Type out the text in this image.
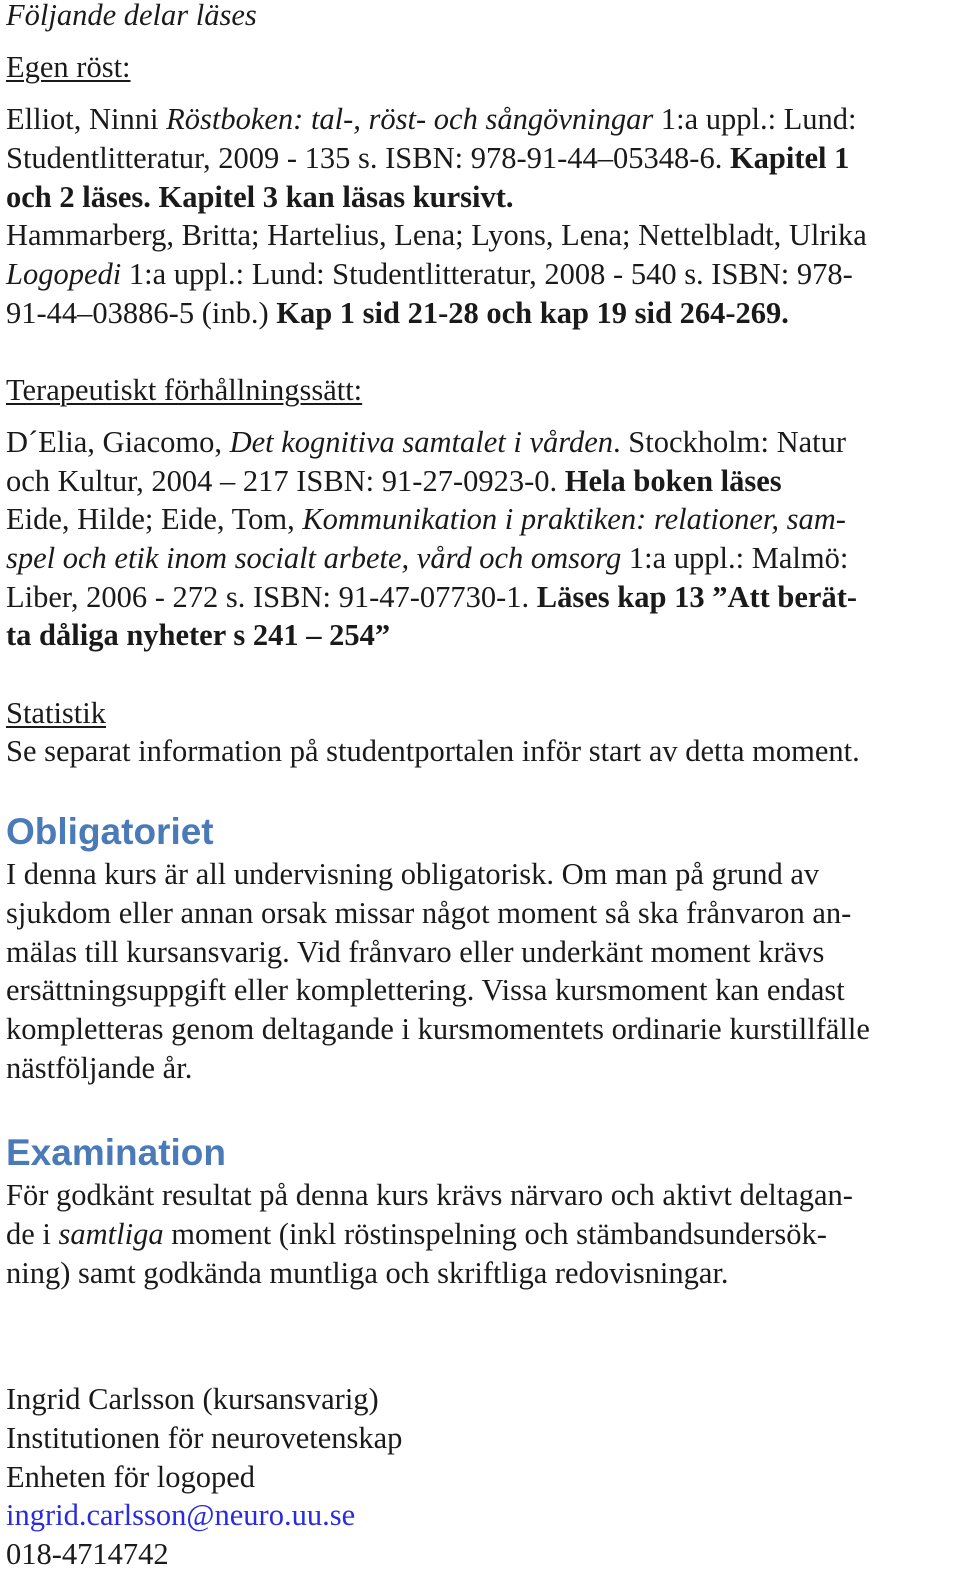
Följande delar läses
Egen röst:
Elliot, Ninni Röstboken: tal-, röst- och sångövningar 1:a uppl.: Lund:
Studentlitteratur, 2009 - 135 s. ISBN: 978-91-44–05348-6. Kapitel 1
och 2 läses. Kapitel 3 kan läsas kursivt.
Hammarberg, Britta; Hartelius, Lena; Lyons, Lena; Nettelbladt, Ulrika
Logopedi 1:a uppl.: Lund: Studentlitteratur, 2008 - 540 s. ISBN: 978-
91-44–03886-5 (inb.) Kap 1 sid 21-28 och kap 19 sid 264-269.
Terapeutiskt förhållningssätt:
D´Elia, Giacomo, Det kognitiva samtalet i vården. Stockholm: Natur
och Kultur, 2004 – 217 ISBN: 91-27-0923-0. Hela boken läses
Eide, Hilde; Eide, Tom, Kommunikation i praktiken: relationer, sam-
spel och etik inom socialt arbete, vård och omsorg 1:a uppl.: Malmö:
Liber, 2006 - 272 s. ISBN: 91-47-07730-1. Läses kap 13 ”Att berät-
ta dåliga nyheter s 241 – 254”
Statistik
Se separat information på studentportalen inför start av detta moment.
Obligatoriet
I denna kurs är all undervisning obligatorisk. Om man på grund av
sjukdom eller annan orsak missar något moment så ska frånvaron an-
mälas till kursansvarig. Vid frånvaro eller underkänt moment krävs
ersättningsuppgift eller komplettering. Vissa kursmoment kan endast
kompletteras genom deltagande i kursmomentets ordinarie kurstillfälle
nästföljande år.
Examination
För godkänt resultat på denna kurs krävs närvaro och aktivt deltagan-
de i samtliga moment (inkl röstinspelning och stämbandsundersök-
ning) samt godkända muntliga och skriftliga redovisningar.
Ingrid Carlsson (kursansvarig)
Institutionen för neurovetenskap
Enheten för logoped
ingrid.carlsson@neuro.uu.se
018-4714742
